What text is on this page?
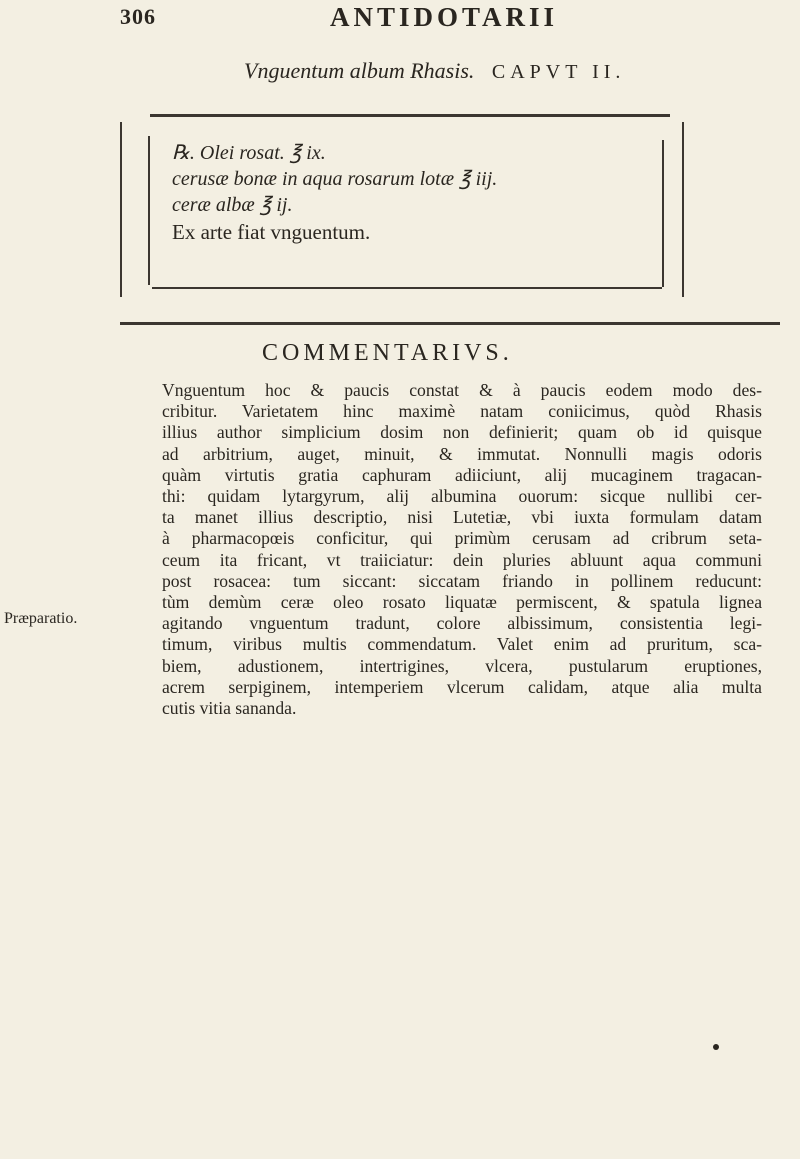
306	ANTIDOTARII
Vnguentum album Rhasis. CAPVT II.
℞. Olei rosat. ℥ ix.
cerusæ bonæ in aqua rosarum lotæ ℥ iij.
ceræ albæ ℥ ij.
Ex arte fiat vnguentum.
COMMENTARIVS.
Præparatio.
Vnguentum hoc & paucis constat & à paucis eodem modo des-
cribitur. Varietatem hinc maximè natam coniicimus, quòd Rhasis
illius author simplicium dosim non definierit; quam ob id quisque
ad arbitrium, auget, minuit, & immutat. Nonnulli magis odoris
quàm virtutis gratia caphuram adiiciunt, alij mucaginem tragacan-
thi: quidam lytargyrum, alij albumina ouorum: sicque nullibi cer-
ta manet illius descriptio, nisi Lutetiæ, vbi iuxta formulam datam
à pharmacopœis conficitur, qui primùm cerusam ad cribrum seta-
ceum ita fricant, vt traiiciatur: dein pluries abluunt aqua communi
post rosacea: tum siccant: siccatam friando in pollinem reducunt:
tùm demùm ceræ oleo rosato liquatæ permiscent, & spatula lignea
agitando vnguentum tradunt, colore albissimum, consistentia legi-
timum, viribus multis commendatum. Valet enim ad pruritum, sca-
biem, adustionem, intertrigines, vlcera, pustularum eruptiones,
acrem serpiginem, intemperiem vlcerum calidam, atque alia multa
cutis vitia sananda.
